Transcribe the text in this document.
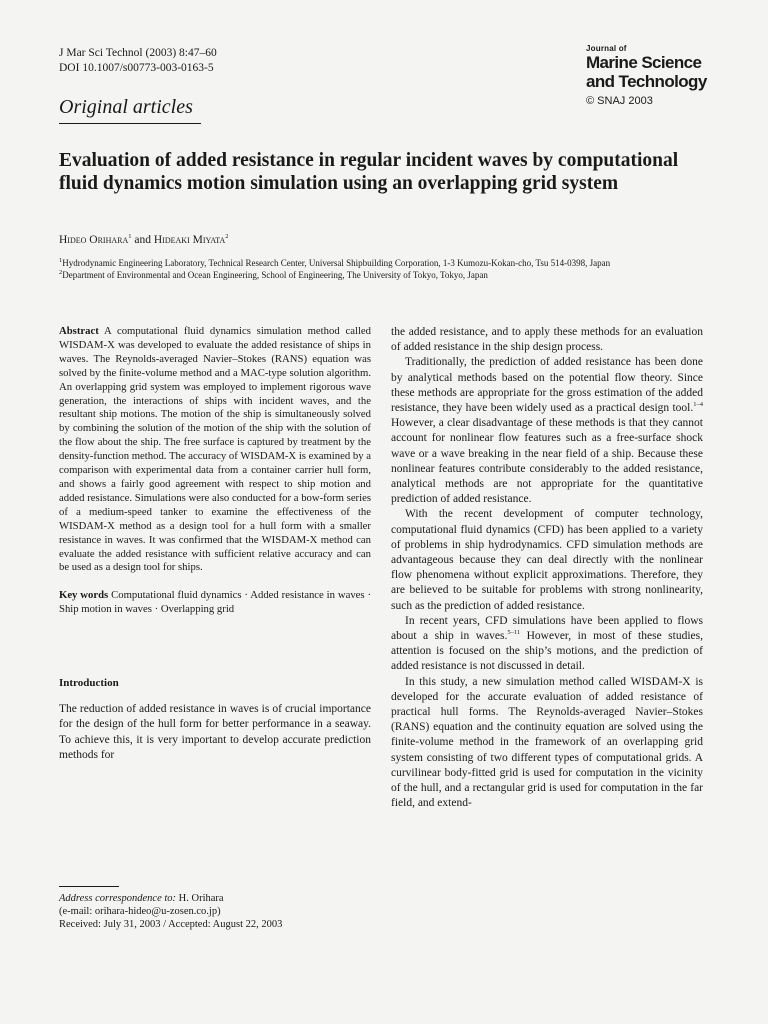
J Mar Sci Technol (2003) 8:47–60
DOI 10.1007/s00773-003-0163-5
Original articles
Journal of
Marine Science
and Technology
© SNAJ 2003
Evaluation of added resistance in regular incident waves by computational fluid dynamics motion simulation using an overlapping grid system
Hideo Orihara$^1$ and Hideaki Miyata$^2$

$^1$Hydrodynamic Engineering Laboratory, Technical Research Center, Universal Shipbuilding Corporation, 1-3 Kumozu-Kokan-cho, Tsu 514-0398, Japan

$^2$Department of Environmental and Ocean Engineering, School of Engineering, The University of Tokyo, Tokyo, Japan

Abstract A computational fluid dynamics simulation method called WISDAM-X was developed to evaluate the added resistance of ships in waves. The Reynolds-averaged Navier–Stokes (RANS) equation was solved by the finite-volume method and a MAC-type solution algorithm. An overlapping grid system was employed to implement rigorous wave generation, the interactions of ships with incident waves, and the resultant ship motions. The motion of the ship is simultaneously solved by combining the solution of the motion of the ship with the solution of the flow about the ship. The free surface is captured by treatment by the density-function method. The accuracy of WISDAM-X is examined by a comparison with experimental data from a container carrier hull form, and shows a fairly good agreement with respect to ship motion and added resistance. Simulations were also conducted for a bow-form series of a medium-speed tanker to examine the effectiveness of the WISDAM-X method as a design tool for a hull form with a smaller resistance in waves. It was confirmed that the WISDAM-X method can evaluate the added resistance with sufficient relative accuracy and can be used as a design tool for ships.

Key words Computational fluid dynamics · Added resistance in waves · Ship motion in waves · Overlapping grid

Introduction

The reduction of added resistance in waves is of crucial importance for the design of the hull form for better performance in a seaway. To achieve this, it is very important to develop accurate prediction methods for

the added resistance, and to apply these methods for an evaluation of added resistance in the ship design process.

Traditionally, the prediction of added resistance has been done by analytical methods based on the potential flow theory. Since these methods are appropriate for the gross estimation of the added resistance, they have been widely used as a practical design tool.$^{1-4}$ However, a clear disadvantage of these methods is that they cannot account for nonlinear flow features such as a free-surface shock wave or a wave breaking in the near field of a ship. Because these nonlinear features contribute considerably to the added resistance, analytical methods are not appropriate for the quantitative prediction of added resistance.

With the recent development of computer technology, computational fluid dynamics (CFD) has been applied to a variety of problems in ship hydrodynamics. CFD simulation methods are advantageous because they can deal directly with the nonlinear flow phenomena without explicit approximations. Therefore, they are believed to be suitable for problems with strong nonlinearity, such as the prediction of added resistance.

In recent years, CFD simulations have been applied to flows about a ship in waves.$^{5-11}$ However, in most of these studies, attention is focused on the ship’s motions, and the prediction of added resistance is not discussed in detail.

In this study, a new simulation method called WISDAM-X is developed for the accurate evaluation of added resistance of practical hull forms. The Reynolds-averaged Navier–Stokes (RANS) equation and the continuity equation are solved using the finite-volume method in the framework of an overlapping grid system consisting of two different types of computational grids. A curvilinear body-fitted grid is used for computation in the vicinity of the hull, and a rectangular grid is used for computation in the far field, and extend-

Address correspondence to: H. Orihara
(e-mail: orihara-hideo@u-zosen.co.jp)
Received: July 31, 2003 / Accepted: August 22, 2003
